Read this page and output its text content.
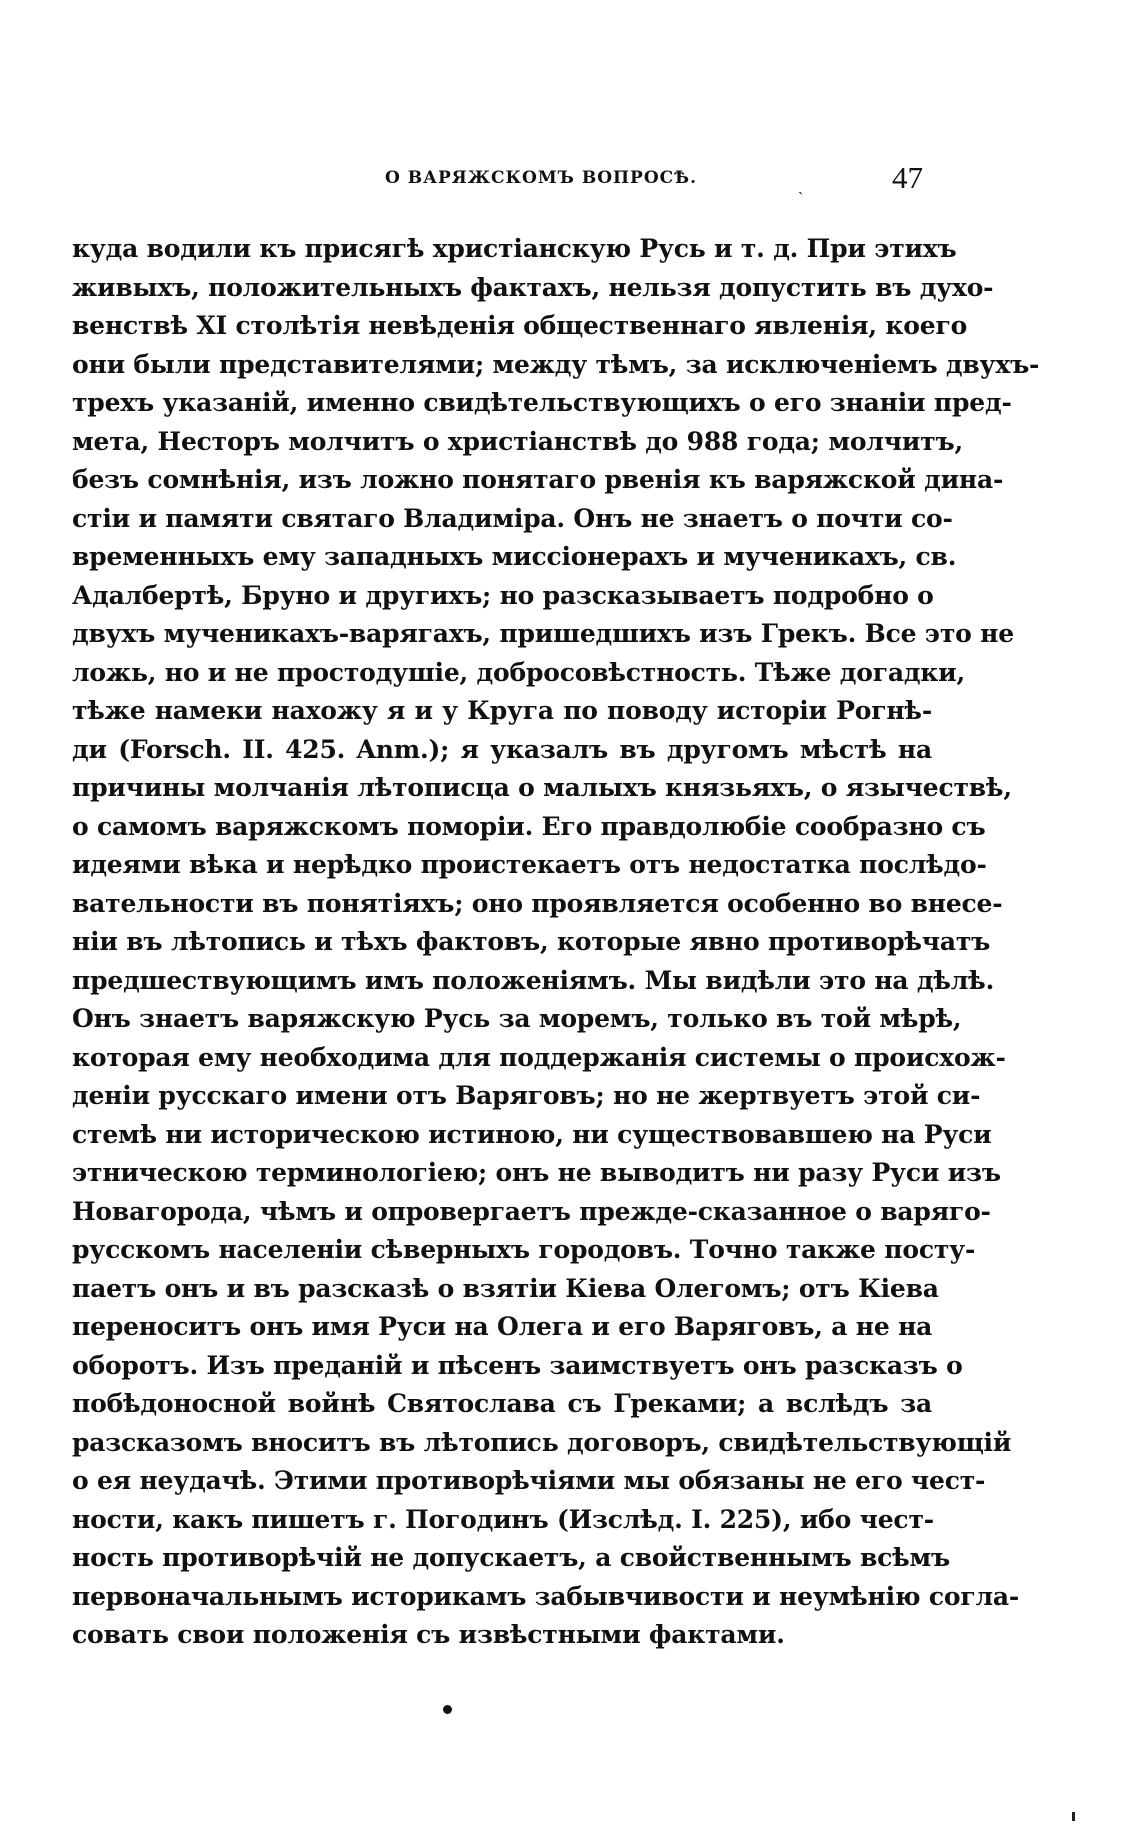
О ВАРЯЖСКОМЪ ВОПРОСѢ.	ˎ	47
куда водили къ присягѣ христіанскую Русь и т. д. При этихъ
живыхъ, положительныхъ фактахъ, нельзя допустить въ духо-
венствѣ XI столѣтія невѣденія общественнаго явленія, коего
они были представителями; между тѣмъ, за исключеніемъ двухъ-
трехъ указаній, именно свидѣтельствующихъ о его знаніи пред-
мета, Несторъ молчитъ о христіанствѣ до 988 года; молчитъ,
безъ сомнѣнія, изъ ложно понятаго рвенія къ варяжской дина-
стіи и памяти святаго Владиміра. Онъ не знаетъ о почти со-
временныхъ ему западныхъ миссіонерахъ и мученикахъ, св.
Адалбертѣ, Бруно и другихъ; но разсказываетъ подробно о
двухъ мученикахъ-варягахъ, пришедшихъ изъ Грекъ. Все это не
ложь, но и не простодушіе, добросовѣстность. Тѣже догадки,
тѣже намеки нахожу я и у Круга по поводу исторіи Рогнѣ-
ди (Forsch. II. 425. Anm.); я указалъ въ другомъ мѣстѣ на
причины молчанія лѣтописца о малыхъ князьяхъ, о язычествѣ,
о самомъ варяжскомъ поморіи. Его правдолюбіе сообразно съ
идеями вѣка и нерѣдко проистекаетъ отъ недостатка послѣдо-
вательности въ понятіяхъ; оно проявляется особенно во внесе-
ніи въ лѣтопись и тѣхъ фактовъ, которые явно противорѣчатъ
предшествующимъ имъ положеніямъ. Мы видѣли это на дѣлѣ.
Онъ знаетъ варяжскую Русь за моремъ, только въ той мѣрѣ,
которая ему необходима для поддержанія системы о происхож-
деніи русскаго имени отъ Варяговъ; но не жертвуетъ этой си-
стемѣ ни историческою истиною, ни существовавшею на Руси
этническою терминологіею; онъ не выводитъ ни разу Руси изъ
Новагорода, чѣмъ и опровергаетъ прежде-сказанное о варяго-
русскомъ населеніи сѣверныхъ городовъ. Точно также посту-
паетъ онъ и въ разсказѣ о взятіи Кіева Олегомъ; отъ Кіева
переноситъ онъ имя Руси на Олега и его Варяговъ, а не на
оборотъ. Изъ преданій и пѣсенъ заимствуетъ онъ разсказъ о
побѣдоносной войнѣ Святослава съ Греками; а вслѣдъ за
разсказомъ вноситъ въ лѣтопись договоръ, свидѣтельствующій
о ея неудачѣ. Этими противорѣчіями мы обязаны не его чест-
ности, какъ пишетъ г. Погодинъ (Изслѣд. I. 225), ибо чест-
ность противорѣчій не допускаетъ, а свойственнымъ всѣмъ
первоначальнымъ историкамъ забывчивости и неумѣнію согла-
совать свои положенія съ извѣстными фактами.
